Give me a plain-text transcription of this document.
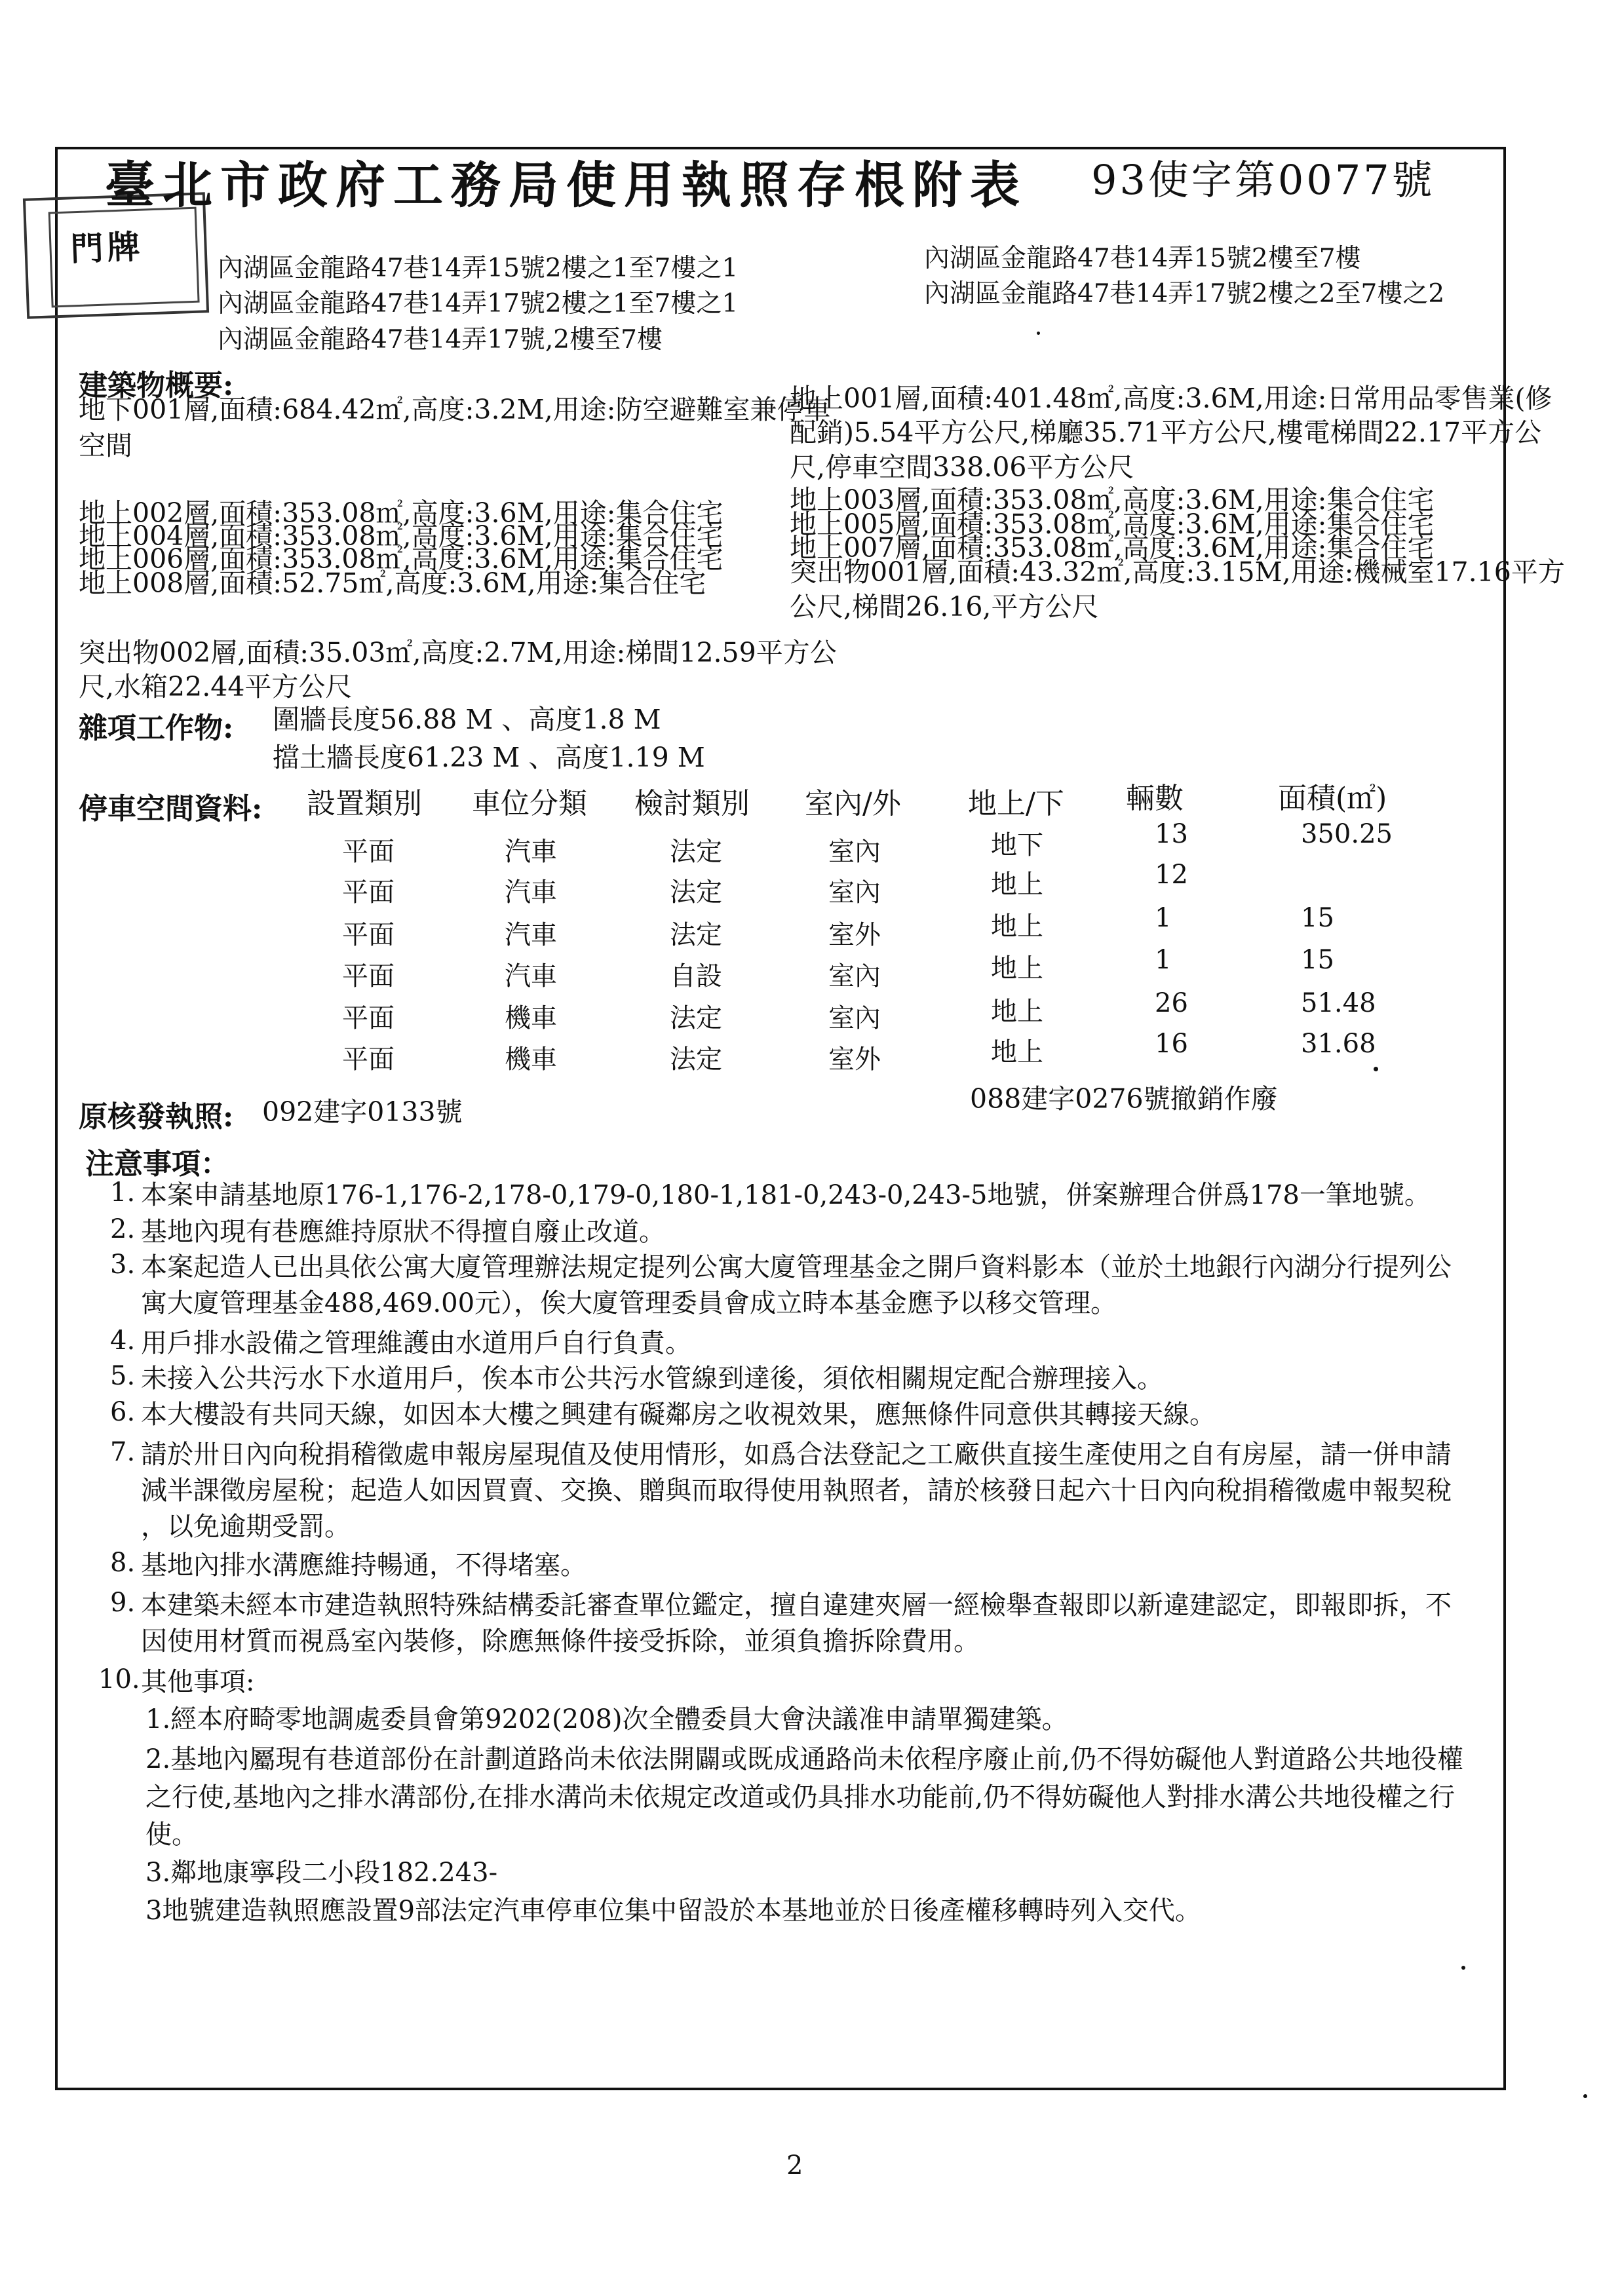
門牌
臺北市政府工務局使用執照存根附表 93使字第0077號
內湖區金龍路47巷14弄15號2樓之1至7樓之1
內湖區金龍路47巷14弄17號2樓之1至7樓之1
內湖區金龍路47巷14弄17號,2樓至7樓
內湖區金龍路47巷14弄15號2樓至7樓
內湖區金龍路47巷14弄17號2樓之2至7樓之2
建築物概要:
地下001層,面積:684.42㎡,高度:3.2M,用途:防空避難室兼停車
空間
地上002層,面積:353.08㎡,高度:3.6M,用途:集合住宅
地上004層,面積:353.08㎡,高度:3.6M,用途:集合住宅
地上006層,面積:353.08㎡,高度:3.6M,用途:集合住宅
地上008層,面積:52.75㎡,高度:3.6M,用途:集合住宅
突出物002層,面積:35.03㎡,高度:2.7M,用途:梯間12.59平方公
尺,水箱22.44平方公尺
地上001層,面積:401.48㎡,高度:3.6M,用途:日常用品零售業(修
配銷)5.54平方公尺,梯廳35.71平方公尺,樓電梯間22.17平方公
尺,停車空間338.06平方公尺
地上003層,面積:353.08㎡,高度:3.6M,用途:集合住宅
地上005層,面積:353.08㎡,高度:3.6M,用途:集合住宅
地上007層,面積:353.08㎡,高度:3.6M,用途:集合住宅
突出物001層,面積:43.32㎡,高度:3.15M,用途:機械室17.16平方
公尺,梯間26.16,平方公尺
雜項工作物: 圍牆長度56.88 M 、高度1.8 M
擋土牆長度61.23 M 、高度1.19 M
停車空間資料: 設置類別 車位分類 檢討類別 室內/外 地上/下 輛數	面積(㎡)
平面	汽車	法定	室內	地下	13	350.25
平面	汽車	法定	室內	地上	12
平面	汽車	法定	室外	地上	1	15
平面	汽車	自設	室內	地上	1	15
平面	機車	法定	室內	地上	26	51.48
平面	機車	法定	室外	地上	16	31.68
原核發執照: 092建字0133號	088建字0276號撤銷作廢
注意事項：
1. 本案申請基地原176-1,176-2,178-0,179-0,180-1,181-0,243-0,243-5地號，併案辦理合併爲178一筆地號。
2. 基地內現有巷應維持原狀不得擅自廢止改道。
3. 本案起造人已出具依公寓大廈管理辦法規定提列公寓大廈管理基金之開戶資料影本（並於土地銀行內湖分行提列公
寓大廈管理基金488,469.00元），俟大廈管理委員會成立時本基金應予以移交管理。
4. 用戶排水設備之管理維護由水道用戶自行負責。
5. 未接入公共污水下水道用戶，俟本市公共污水管線到達後，須依相關規定配合辦理接入。
6. 本大樓設有共同天線，如因本大樓之興建有礙鄰房之收視效果，應無條件同意供其轉接天線。
7. 請於卅日內向稅捐稽徵處申報房屋現值及使用情形，如爲合法登記之工廠供直接生產使用之自有房屋，請一併申請
減半課徵房屋稅；起造人如因買賣、交換、贈與而取得使用執照者，請於核發日起六十日內向稅捐稽徵處申報契稅
，以免逾期受罰。
8. 基地內排水溝應維持暢通，不得堵塞。
9. 本建築未經本市建造執照特殊結構委託審查單位鑑定，擅自違建夾層一經檢舉查報即以新違建認定，即報即拆，不
因使用材質而視爲室內裝修，除應無條件接受拆除，並須負擔拆除費用。
10. 其他事項:
1.經本府畸零地調處委員會第9202(208)次全體委員大會決議准申請單獨建築。
2.基地內屬現有巷道部份在計劃道路尚未依法開闢或既成通路尚未依程序廢止前,仍不得妨礙他人對道路公共地役權
之行使,基地內之排水溝部份,在排水溝尚未依規定改道或仍具排水功能前,仍不得妨礙他人對排水溝公共地役權之行
使。
3.鄰地康寧段二小段182.243-
3地號建造執照應設置9部法定汽車停車位集中留設於本基地並於日後產權移轉時列入交代。
2
